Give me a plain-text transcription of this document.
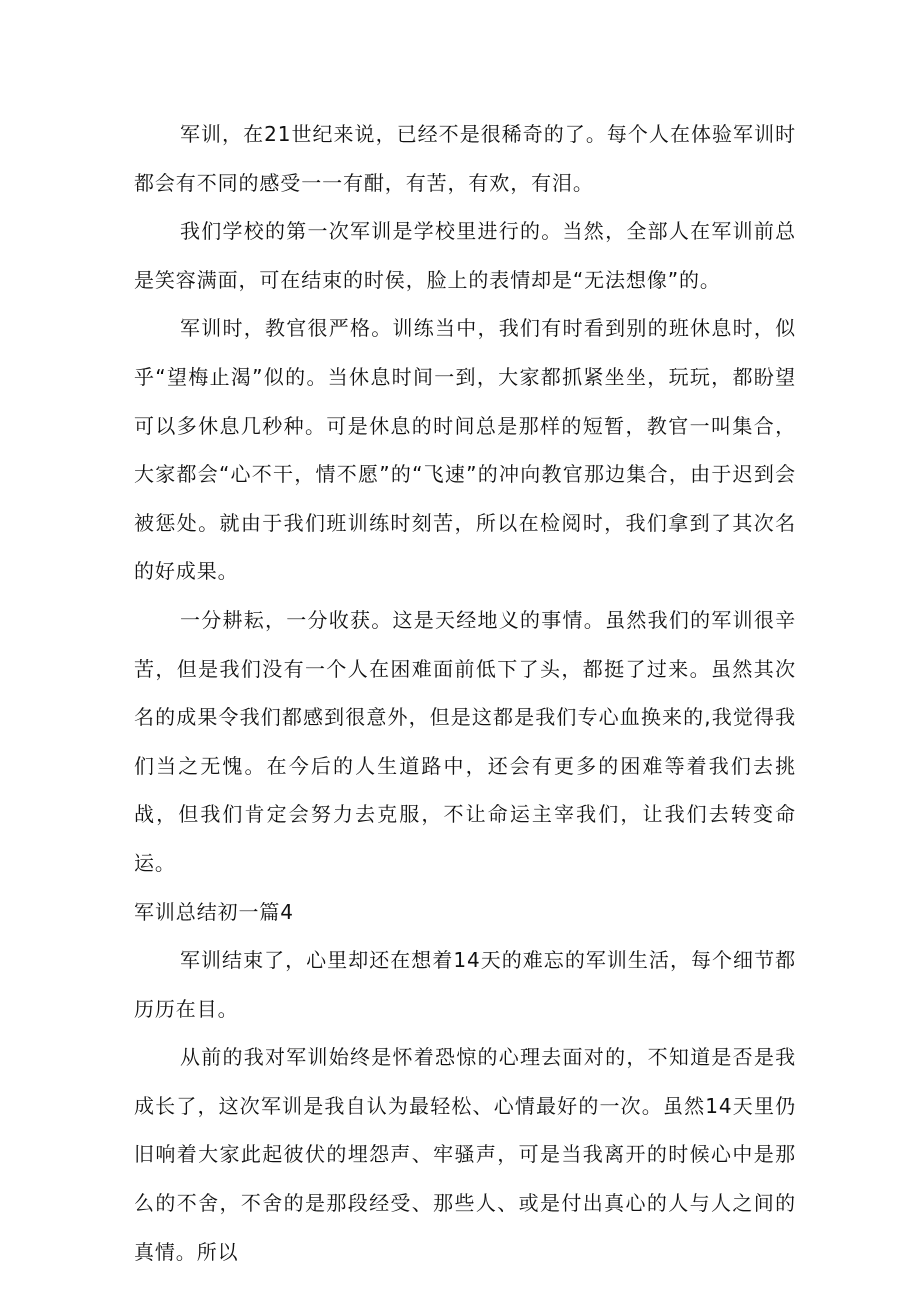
军训，在21世纪来说，已经不是很稀奇的了。每个人在体验军训时都会有不同的感受一一有酣，有苦，有欢，有泪。

我们学校的第一次军训是学校里进行的。当然，全部人在军训前总是笑容满面，可在结束的时侯，脸上的表情却是“无法想像”的。

军训时，教官很严格。训练当中，我们有时看到别的班休息时，似乎“望梅止渴”似的。当休息时间一到，大家都抓紧坐坐，玩玩，都盼望可以多休息几秒种。可是休息的时间总是那样的短暂，教官一叫集合，大家都会“心不干，情不愿”的“飞速”的冲向教官那边集合，由于迟到会被惩处。就由于我们班训练时刻苦，所以在检阅时，我们拿到了其次名的好成果。

一分耕耘，一分收获。这是天经地义的事情。虽然我们的军训很辛苦，但是我们没有一个人在困难面前低下了头，都挺了过来。虽然其次名的成果令我们都感到很意外，但是这都是我们专心血换来的,我觉得我们当之无愧。在今后的人生道路中，还会有更多的困难等着我们去挑战，但我们肯定会努力去克服，不让命运主宰我们，让我们去转变命运。

军训总结初一篇4

军训结束了，心里却还在想着14天的难忘的军训生活，每个细节都历历在目。

从前的我对军训始终是怀着恐惊的心理去面对的，不知道是否是我成长了，这次军训是我自认为最轻松、心情最好的一次。虽然14天里仍旧响着大家此起彼伏的埋怨声、牢骚声，可是当我离开的时候心中是那么的不舍，不舍的是那段经受、那些人、或是付出真心的人与人之间的真情。所以
